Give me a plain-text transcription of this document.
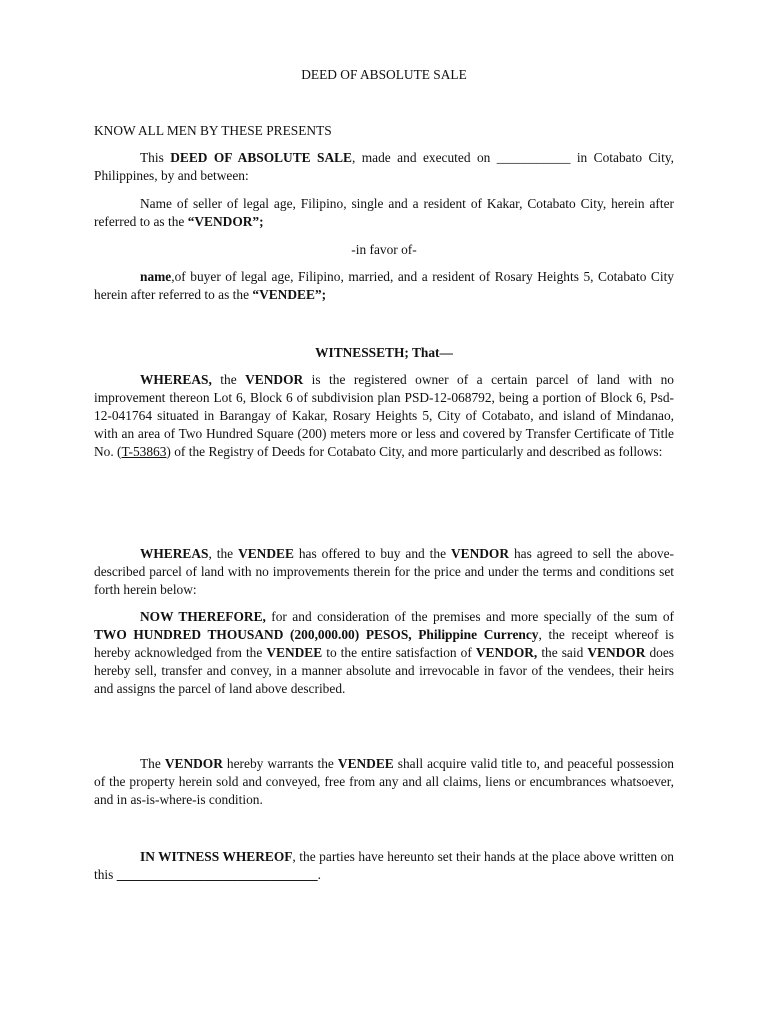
DEED OF ABSOLUTE SALE
KNOW ALL MEN BY THESE PRESENTS
This DEED OF ABSOLUTE SALE, made and executed on ___________ in Cotabato City, Philippines, by and between:
Name of seller of legal age, Filipino, single and a resident of Kakar, Cotabato City, herein after referred to as the “VENDOR”;
-in favor of-
name,of buyer of legal age, Filipino, married, and a resident of Rosary Heights 5, Cotabato City herein after referred to as the “VENDEE”;
WITNESSETH; That—
WHEREAS, the VENDOR is the registered owner of a certain parcel of land with no improvement thereon Lot 6, Block 6 of subdivision plan PSD-12-068792, being a portion of Block 6, Psd-12-041764 situated in Barangay of Kakar, Rosary Heights 5, City of Cotabato, and island of Mindanao, with an area of Two Hundred Square (200) meters more or less and covered by Transfer Certificate of Title No. (T-53863) of the Registry of Deeds for Cotabato City, and more particularly and described as follows:
WHEREAS, the VENDEE has offered to buy and the VENDOR has agreed to sell the above-described parcel of land with no improvements therein for the price and under the terms and conditions set forth herein below:
NOW THEREFORE, for and consideration of the premises and more specially of the sum of TWO HUNDRED THOUSAND (200,000.00) PESOS, Philippine Currency, the receipt whereof is hereby acknowledged from the VENDEE to the entire satisfaction of VENDOR, the said VENDOR does hereby sell, transfer and convey, in a manner absolute and irrevocable in favor of the vendees, their heirs and assigns the parcel of land above described.
The VENDOR hereby warrants the VENDEE shall acquire valid title to, and peaceful possession of the property herein sold and conveyed, free from any and all claims, liens or encumbrances whatsoever, and in as-is-where-is condition.
IN WITNESS WHEREOF, the parties have hereunto set their hands at the place above written on this ______________________________.
